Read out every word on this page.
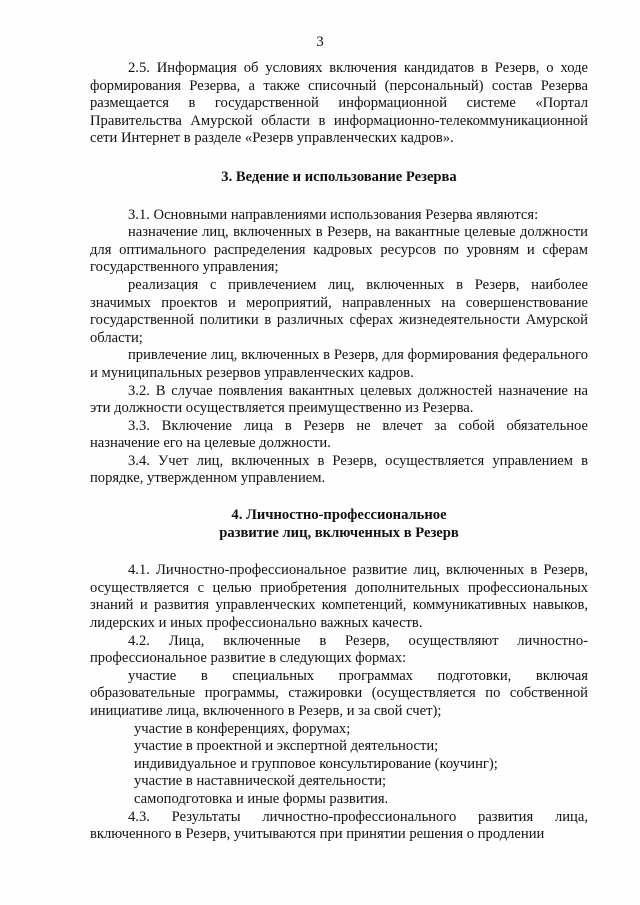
3

2.5. Информация об условиях включения кандидатов в Резерв, о ходе формирования Резерва, а также списочный (персональный) состав Резерва размещается в государственной информационной системе «Портал Правительства Амурской области в информационно-телекоммуникационной сети Интернет в разделе «Резерв управленческих кадров».

3. Ведение и использование Резерва

3.1. Основными направлениями использования Резерва являются:

назначение лиц, включенных в Резерв, на вакантные целевые должности для оптимального распределения кадровых ресурсов по уровням и сферам государственного управления;

реализация с привлечением лиц, включенных в Резерв, наиболее значимых проектов и мероприятий, направленных на совершенствование государственной политики в различных сферах жизнедеятельности Амурской области;

привлечение лиц, включенных в Резерв, для формирования федерального и муниципальных резервов управленческих кадров.

3.2. В случае появления вакантных целевых должностей назначение на эти должности осуществляется преимущественно из Резерва.

3.3. Включение лица в Резерв не влечет за собой обязательное назначение его на целевые должности.

3.4. Учет лиц, включенных в Резерв, осуществляется управлением в порядке, утвержденном управлением.

4. Личностно-профессиональное
развитие лиц, включенных в Резерв

4.1. Личностно-профессиональное развитие лиц, включенных в Резерв, осуществляется с целью приобретения дополнительных профессиональных знаний и развития управленческих компетенций, коммуникативных навыков, лидерских и иных профессионально важных качеств.

4.2. Лица, включенные в Резерв, осуществляют личностно-профессиональное развитие в следующих формах:

участие в специальных программах подготовки, включая образовательные программы, стажировки (осуществляется по собственной инициативе лица, включенного в Резерв, и за свой счет);

участие в конференциях, форумах;

участие в проектной и экспертной деятельности;

индивидуальное и групповое консультирование (коучинг);

участие в наставнической деятельности;

самоподготовка и иные формы развития.

4.3. Результаты личностно-профессионального развития лица, включенного в Резерв, учитываются при принятии решения о продлении
